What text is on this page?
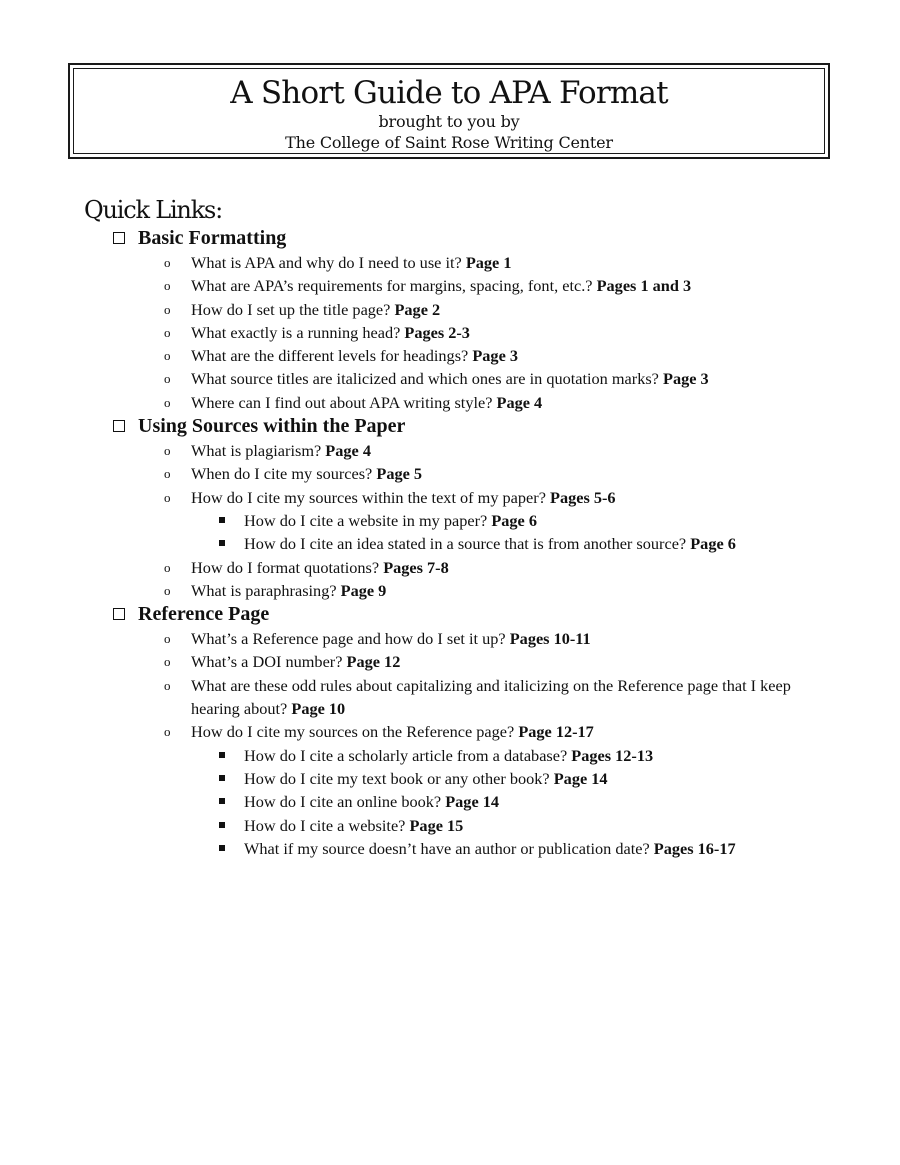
A Short Guide to APA Format
brought to you by
The College of Saint Rose Writing Center
Quick Links:
Basic Formatting
o What is APA and why do I need to use it? Page 1
o What are APA’s requirements for margins, spacing, font, etc.? Pages 1 and 3
o How do I set up the title page? Page 2
o What exactly is a running head? Pages 2-3
o What are the different levels for headings? Page 3
o What source titles are italicized and which ones are in quotation marks? Page 3
o Where can I find out about APA writing style? Page 4
Using Sources within the Paper
o What is plagiarism? Page 4
o When do I cite my sources? Page 5
o How do I cite my sources within the text of my paper? Pages 5-6
How do I cite a website in my paper? Page 6
How do I cite an idea stated in a source that is from another source? Page 6
o How do I format quotations? Pages 7-8
o What is paraphrasing? Page 9
Reference Page
o What’s a Reference page and how do I set it up? Pages 10-11
o What’s a DOI number? Page 12
o What are these odd rules about capitalizing and italicizing on the Reference page that I keep hearing about? Page 10
o How do I cite my sources on the Reference page? Page 12-17
How do I cite a scholarly article from a database? Pages 12-13
How do I cite my text book or any other book? Page 14
How do I cite an online book? Page 14
How do I cite a website? Page 15
What if my source doesn’t have an author or publication date? Pages 16-17
